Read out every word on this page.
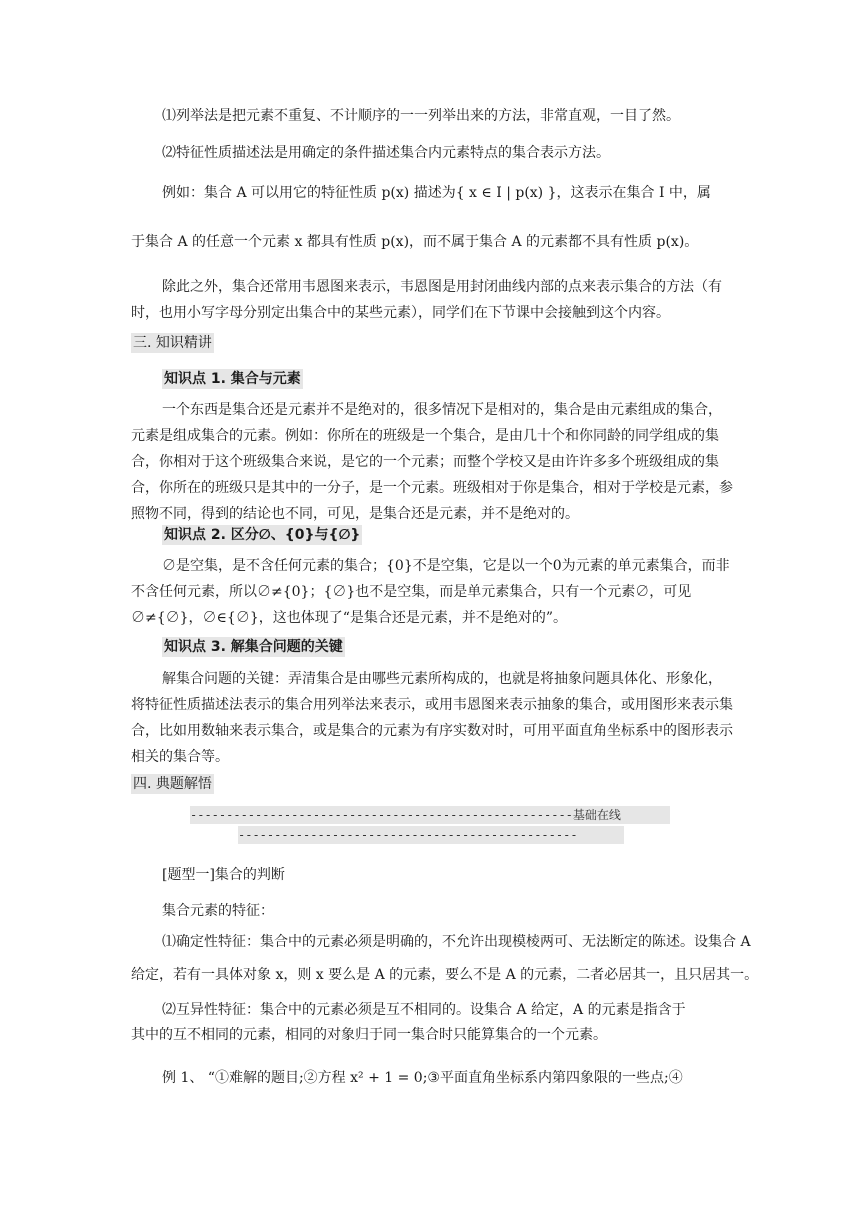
⑴列举法是把元素不重复、不计顺序的一一列举出来的方法，非常直观，一目了然。
⑵特征性质描述法是用确定的条件描述集合内元素特点的集合表示方法。
例如：集合 A 可以用它的特征性质 p(x) 描述为{ x ∈ I | p(x) }，这表示在集合 I 中，属
于集合 A 的任意一个元素 x 都具有性质 p(x)，而不属于集合 A 的元素都不具有性质 p(x)。
除此之外，集合还常用韦恩图来表示，韦恩图是用封闭曲线内部的点来表示集合的方法（有时，也用小写字母分别定出集合中的某些元素），同学们在下节课中会接触到这个内容。
三. 知识精讲
知识点 1. 集合与元素
一个东西是集合还是元素并不是绝对的，很多情况下是相对的，集合是由元素组成的集合，元素是组成集合的元素。例如：你所在的班级是一个集合，是由几十个和你同龄的同学组成的集合，你相对于这个班级集合来说，是它的一个元素；而整个学校又是由许许多多个班级组成的集合，你所在的班级只是其中的一分子，是一个元素。班级相对于你是集合，相对于学校是元素，参照物不同，得到的结论也不同，可见，是集合还是元素，并不是绝对的。
知识点 2. 区分∅、{0}与{∅}
∅是空集，是不含任何元素的集合；{0}不是空集，它是以一个0为元素的单元素集合，而非不含任何元素，所以∅≠{0}；{∅}也不是空集，而是单元素集合，只有一个元素∅，可见∅≠{∅}，∅∈{∅}，这也体现了“是集合还是元素，并不是绝对的”。
知识点 3. 解集合问题的关键
解集合问题的关键：弄清集合是由哪些元素所构成的，也就是将抽象问题具体化、形象化，将特征性质描述法表示的集合用列举法来表示，或用韦恩图来表示抽象的集合，或用图形来表示集合，比如用数轴来表示集合，或是集合的元素为有序实数对时，可用平面直角坐标系中的图形表示相关的集合等。
四. 典题解悟
-----------------------------------------------------基础在线
-----------------------------------------------
[题型一]集合的判断
集合元素的特征：
⑴确定性特征：集合中的元素必须是明确的，不允许出现模棱两可、无法断定的陈述。设集合 A
给定，若有一具体对象 x，则 x 要么是 A 的元素，要么不是 A 的元素，二者必居其一，且只居其一。
⑵互异性特征：集合中的元素必须是互不相同的。设集合 A 给定，A 的元素是指含于
其中的互不相同的元素，相同的对象归于同一集合时只能算集合的一个元素。
例 1、 “①难解的题目;②方程 x² + 1 = 0;③平面直角坐标系内第四象限的一些点;④
